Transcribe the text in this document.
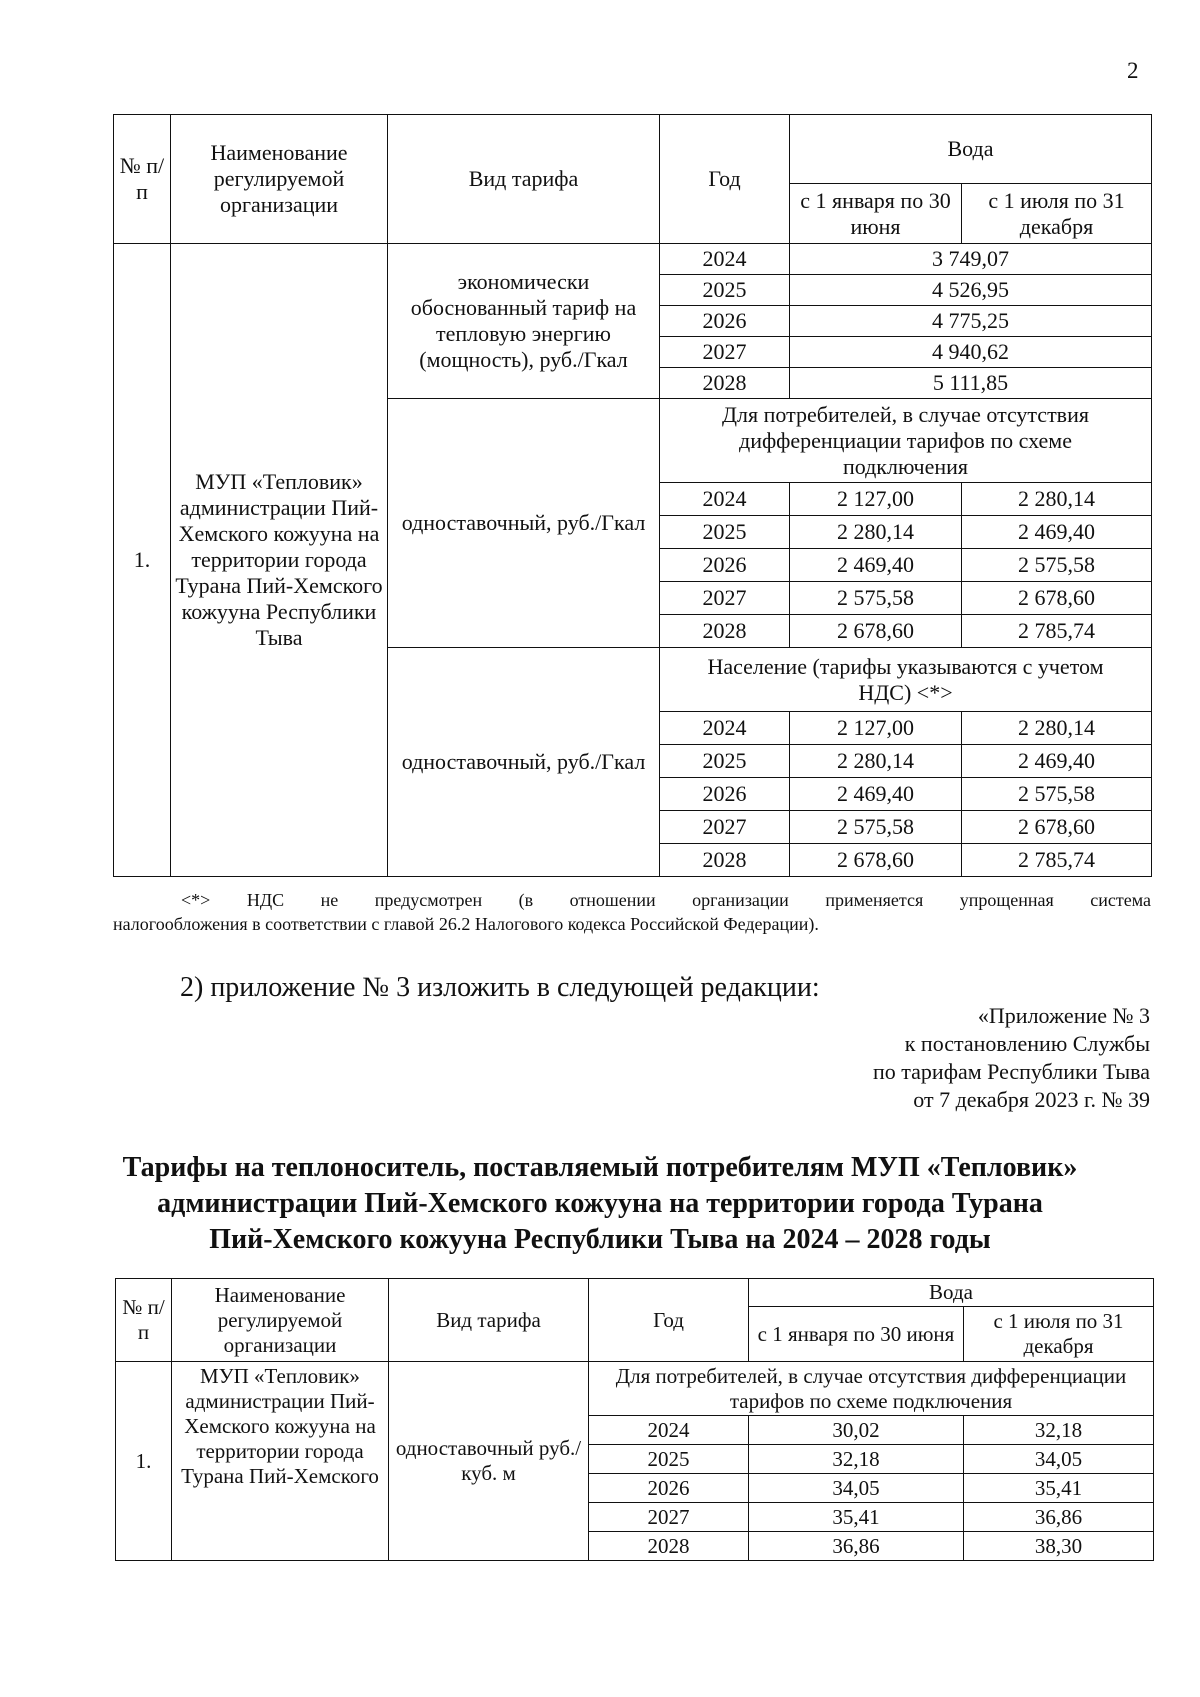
2
№ п/п	Наименование регулируемой организации	Вид тарифа	Год	Вода	
				с 1 января по 30 июня	с 1 июля по 31 декабря
1.	МУП «Тепловик» администрации Пий-Хемского кожууна на территории города Турана Пий-Хемского кожууна Республики Тыва	экономически обоснованный тариф на тепловую энергию (мощность), руб./Гкал	2024	3 749,07	
			2025	4 526,95	
			2026	4 775,25	
			2027	4 940,62	
			2028	5 111,85	
		одноставочный, руб./Гкал	Для потребителей, в случае отсутствия дифференциации тарифов по схеме подключения		
			2024	2 127,00	2 280,14
			2025	2 280,14	2 469,40
			2026	2 469,40	2 575,58
			2027	2 575,58	2 678,60
			2028	2 678,60	2 785,74
		одноставочный, руб./Гкал	Население (тарифы указываются с учетом НДС) <*>		
			2024	2 127,00	2 280,14
			2025	2 280,14	2 469,40
			2026	2 469,40	2 575,58
			2027	2 575,58	2 678,60
			2028	2 678,60	2 785,74
<*> НДС не предусмотрен (в отношении организации применяется упрощенная система
налогообложения в соответствии с главой 26.2 Налогового кодекса Российской Федерации).
2) приложение № 3 изложить в следующей редакции:
«Приложение № 3
к постановлению Службы
по тарифам Республики Тыва
от 7 декабря 2023 г. № 39
Тарифы на теплоноситель, поставляемый потребителям МУП «Тепловик»
администрации Пий-Хемского кожууна на территории города Турана
Пий-Хемского кожууна Республики Тыва на 2024 – 2028 годы
№ п/п	Наименование регулируемой организации	Вид тарифа	Год	Вода	
				с 1 января по 30 июня	с 1 июля по 31 декабря
1.	МУП «Тепловик» администрации Пий-Хемского кожууна на территории города Турана Пий-Хемского	одноставочный руб./куб. м	Для потребителей, в случае отсутствия дифференциации тарифов по схеме подключения		
			2024	30,02	32,18
			2025	32,18	34,05
			2026	34,05	35,41
			2027	35,41	36,86
			2028	36,86	38,30
